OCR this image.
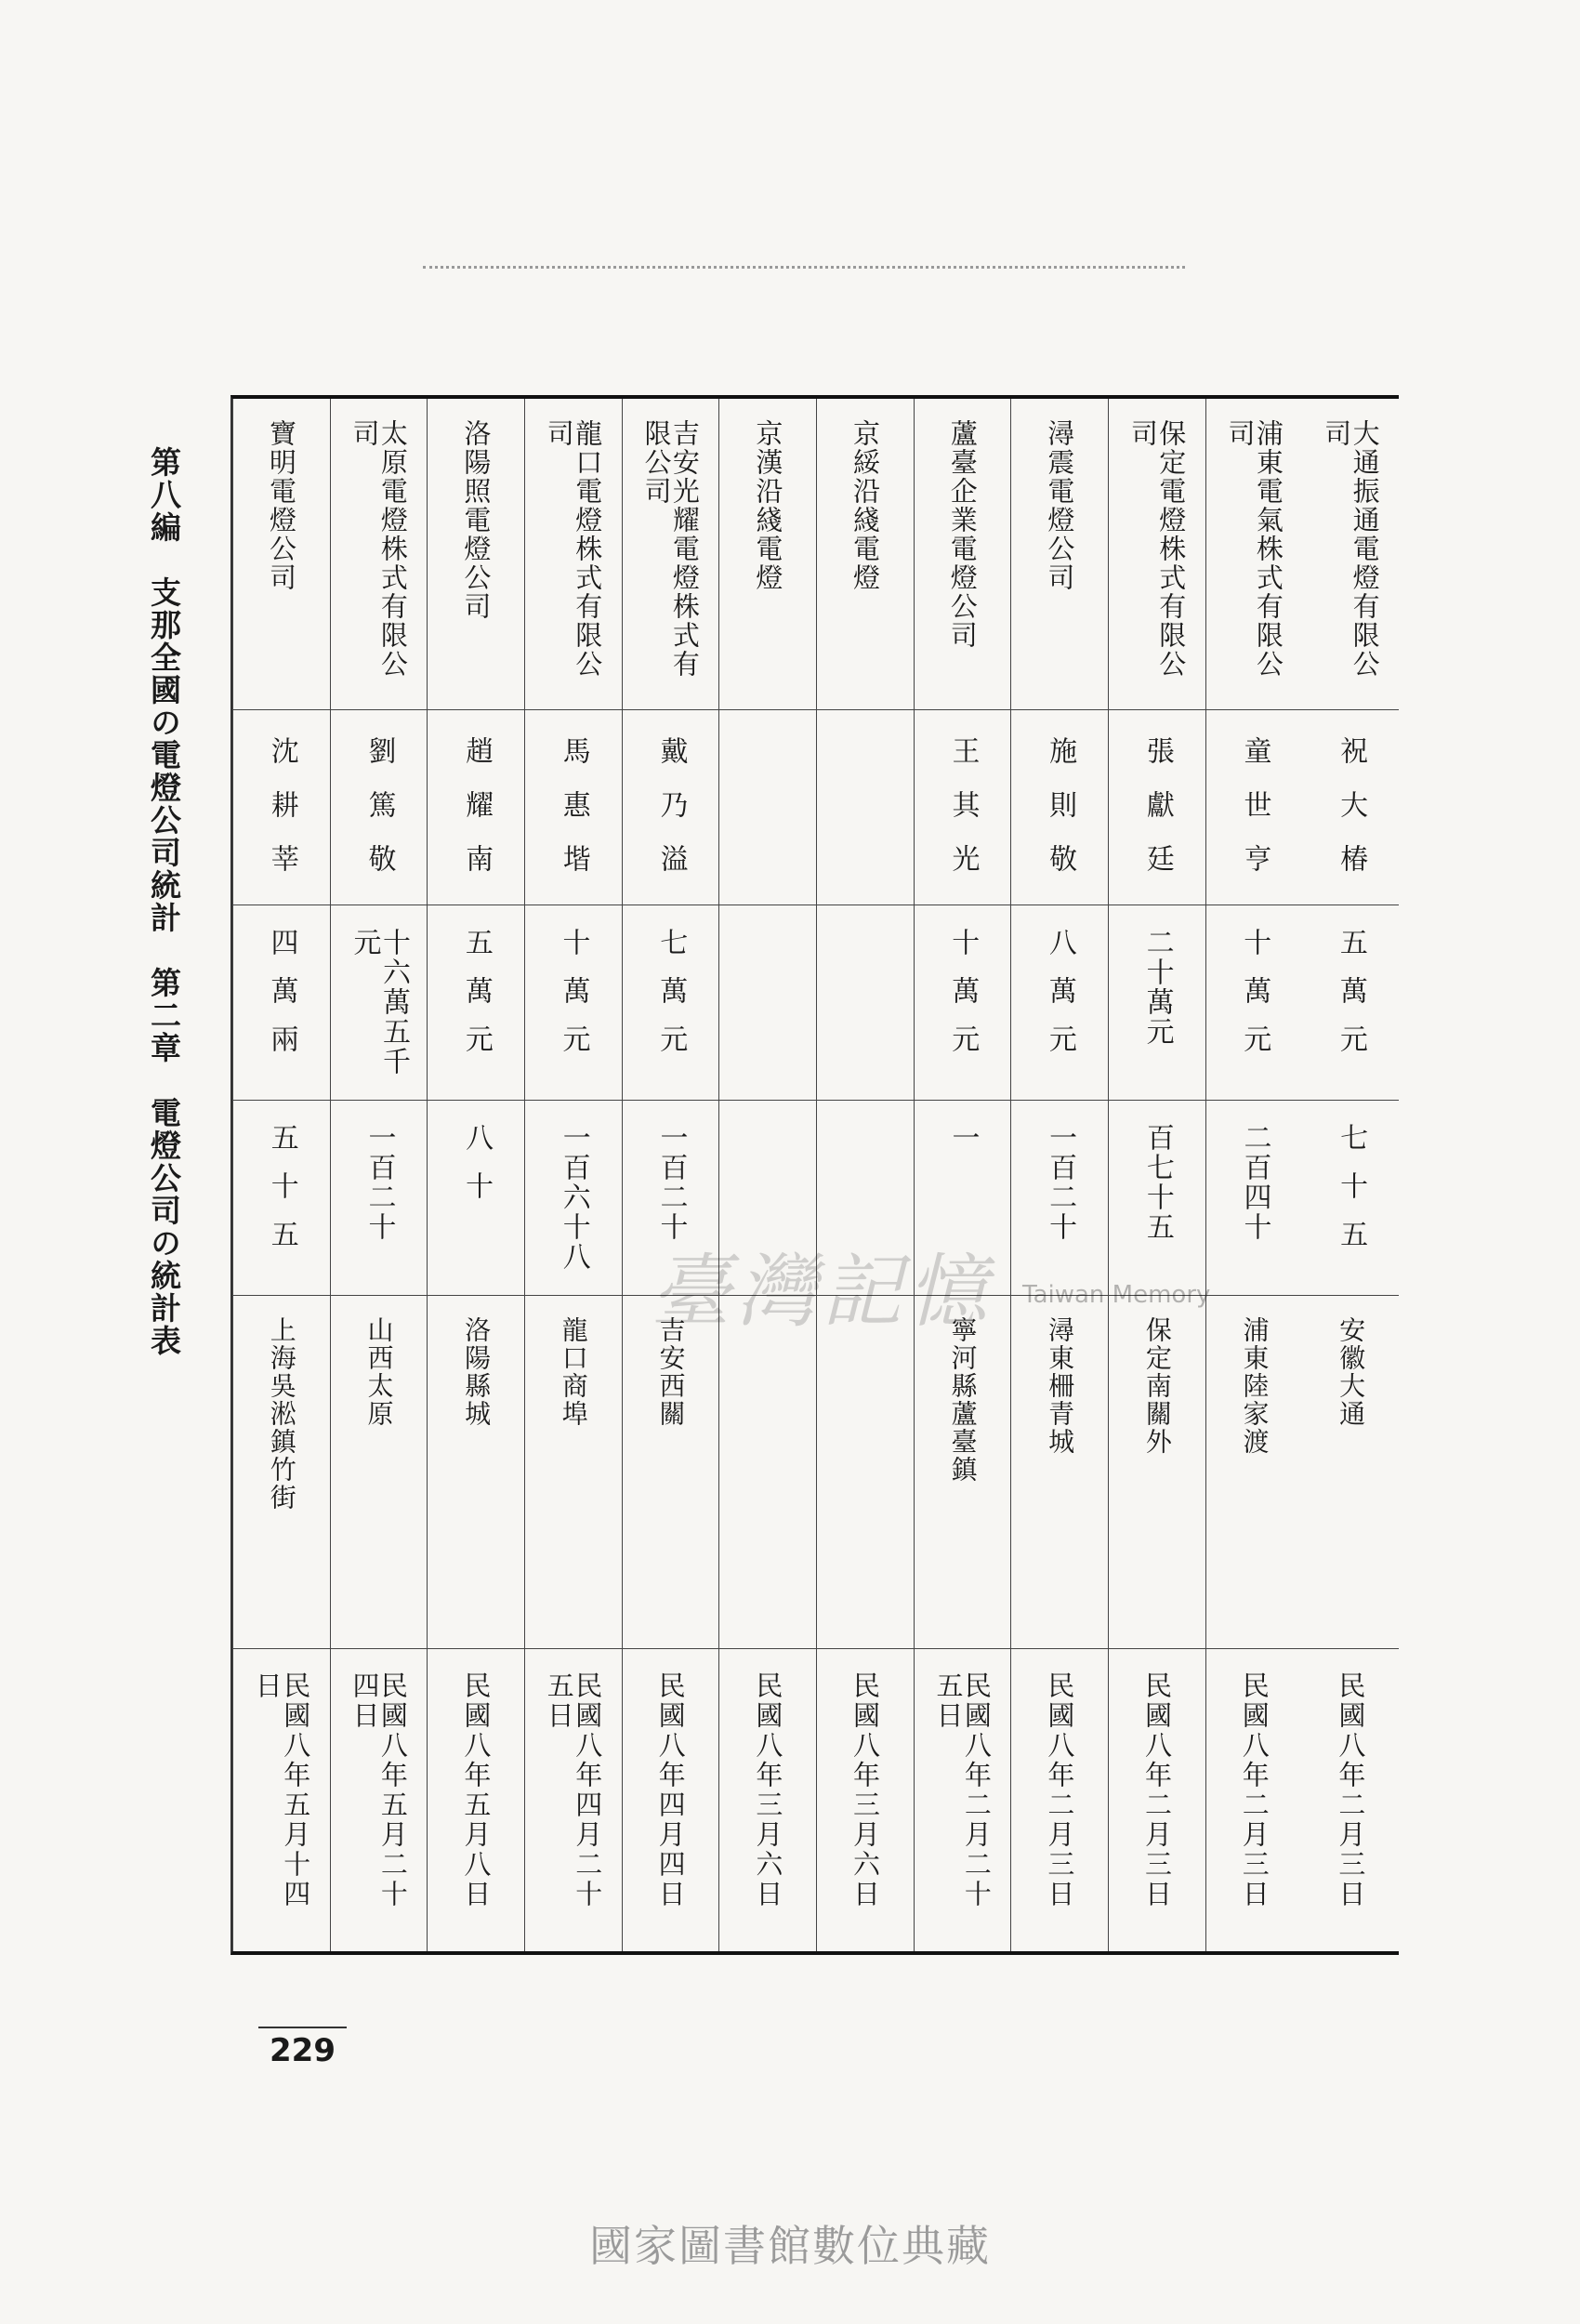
第八編　支那全國の電燈公司統計　第二章　電燈公司の統計表	大通振通電燈有限公司
祝大椿
五萬元
七十五
安徽大通
民國八年二月三日
浦東電氣株式有限公司
童世亨
十萬元
二百四十
浦東陸家渡
民國八年二月三日
保定電燈株式有限公司
張獻廷
二十萬元
百七十五
保定南關外
民國八年二月三日
潯震電燈公司
施則敬
八萬元
一百二十
潯東柵青城
民國八年二月三日
蘆臺企業電燈公司
王其光
十萬元
一
寧河縣蘆臺鎮
民國八年二月二十五日
京綏沿綫電燈
民國八年三月六日
京漢沿綫電燈
民國八年三月六日
吉安光耀電燈株式有限公司
戴乃溢
七萬元
一百二十
吉安西關
民國八年四月四日
龍口電燈株式有限公司
馬惠堦
十萬元
一百六十八
龍口商埠
民國八年四月二十五日
洛陽照電燈公司
趙耀南
五萬元
八十
洛陽縣城
民國八年五月八日
太原電燈株式有限公司
劉篤敬
十六萬五千元
一百二十
山西太原
民國八年五月二十四日
寶明電燈公司
沈耕莘
四萬兩
五十五
上海吳淞鎮竹街
民國八年五月十四日
臺灣記憶 Taiwan Memory
229
國家圖書館數位典藏
